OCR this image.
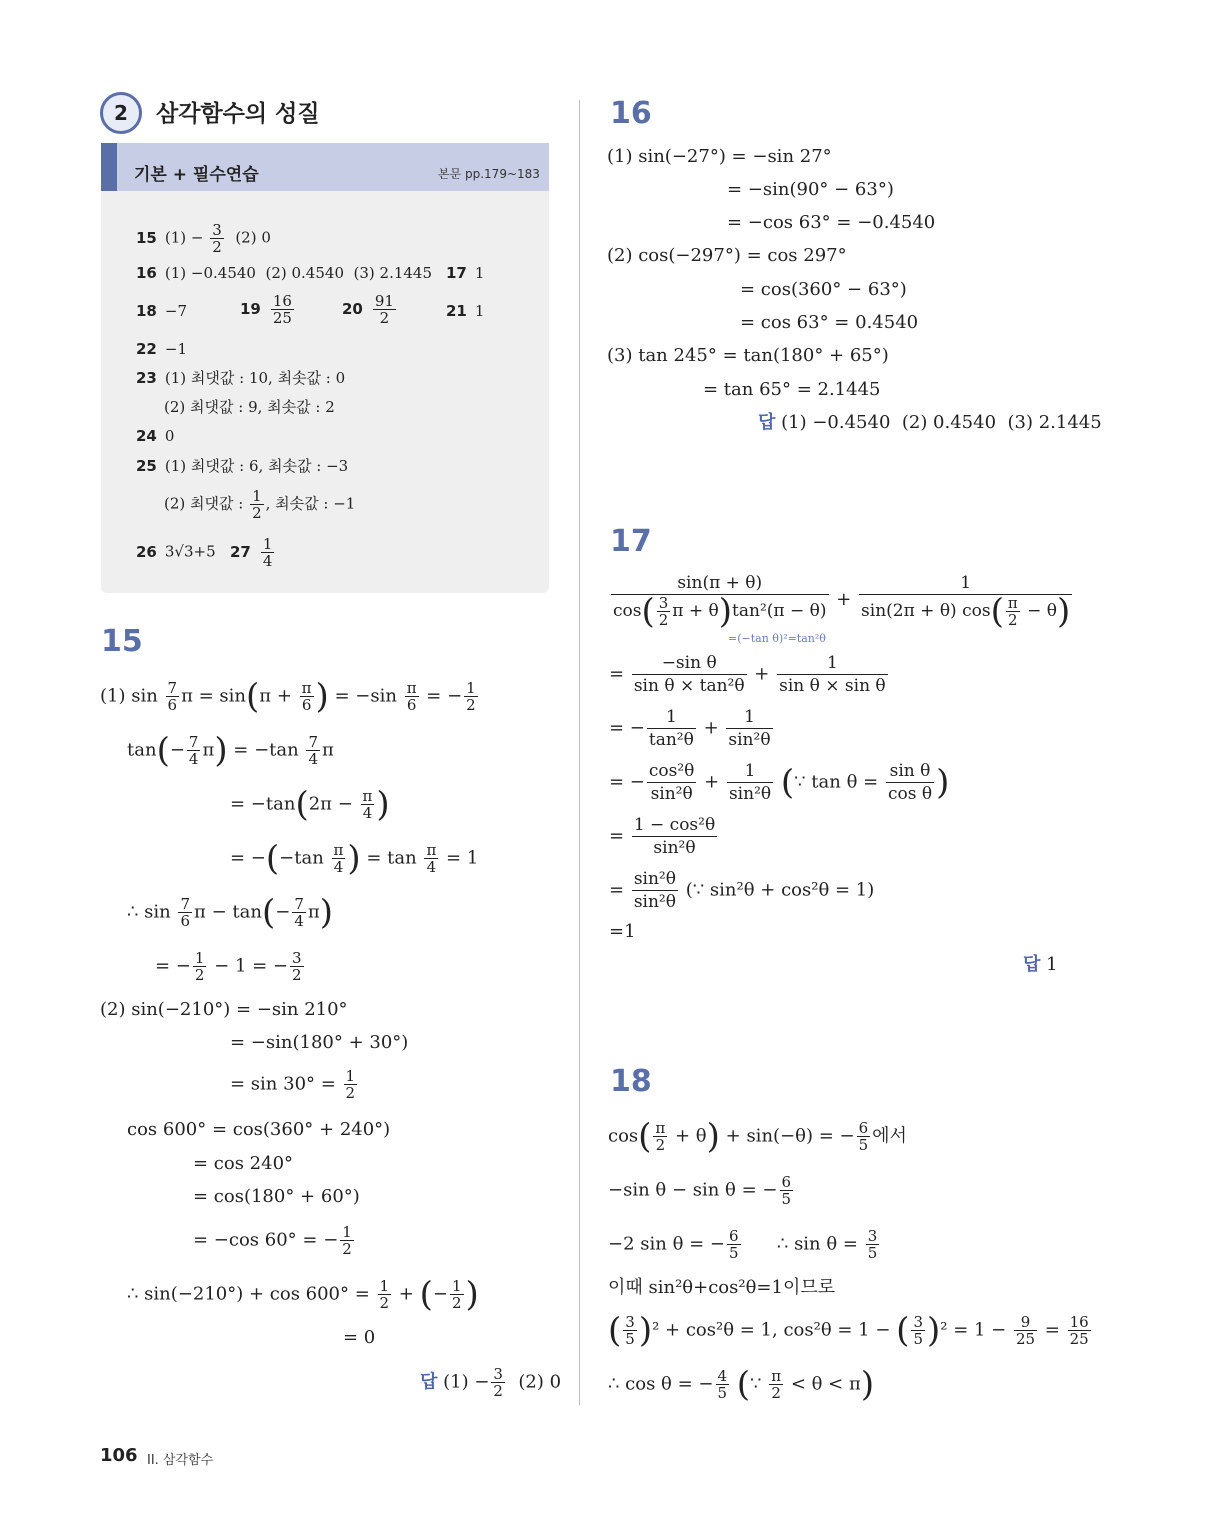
2	삼각함수의 성질
기본 + 필수연습	본문 pp.179~183
15 $(1) - \frac{3}{2} (2)$ 0
16 (1) −0.4540  (2) 0.4540  (3) 2.1445 17 1
18 −7	$19 \frac{16}{25}$	$20 \frac{91}{2}$	21 1
22 −1
23 (1) 최댓값 : 10, 최솟값 : 0
(2) 최댓값 : 9, 최솟값 : 2
24 0
25 (1) 최댓값 : 6, 최솟값 : −3
(2) 최댓값 : $\frac{1}{2}$ , 최솟값 : −1
26 3√3+5   $27 \frac{1}{4}$
15
(1) $\sin \frac{7}{6}$ $\pi = \sin(\pi + \frac{\pi}{6}$ ) = $-\sin \frac{\pi}{6}$ = − $\frac{1}{2}$
$\tan(- \frac{7}{4} \pi) = -\tan \frac{7}{4}$ π
= $-\tan(2\pi - \frac{\pi}{4}$ )
= $-(-\tan \frac{\pi}{4}$ ) = $\tan \frac{\pi}{4} = 1$
∴ $\sin \frac{7}{6}$ $\pi - \tan(- \frac{7}{4} \pi)$
= − $\frac{1}{2} - 1$ = − $\frac{3}{2}$
(2) sin(−210°) = −sin 210°
= −sin(180° + 30°)
= $\sin 30^\circ = \frac{1}{2}$
cos 600° = cos(360° + 240°)
= cos 240°
= cos(180° + 60°)
= −cos 60° = − $\frac{1}{2}$
∴ $\sin(-210^\circ) + \cos 600^\circ = \frac{1}{2}$ + (− $\frac{1}{2}$ )
= 0
답 $(1) - \frac{3}{2} (2)$ 0
16
(1) sin(−27°) = −sin 27°
= −sin(90° − 63°)
= −cos 63° = −0.4540
(2) cos(−297°) = cos 297°
= cos(360° − 63°)
= cos 63° = 0.4540
(3) tan 245° = tan(180° + 65°)
= tan 65° = 2.1445
답 (1) −0.4540  (2) 0.4540  (3) 2.1445
17
$\frac{\sin(\pi + \theta)}{\cos( \frac{3}{2} \pi + \theta)\tan^2(\pi - \theta)} + \frac{1}{\sin(2\pi + \theta) \cos( \frac{\pi}{2} - \theta)}$
=(−tan θ)²=tan²θ
= $\frac{\text{−sin θ}}{\text{sin θ × tan²θ}} + \frac{1}{\text{sin θ × sin θ}}$
= − $\frac{1}{\text{tan²θ}} + \frac{1}{\text{sin²θ}}$
= − $\frac{\text{cos²θ}}{\text{sin²θ}} + \frac{1}{\text{sin²θ}}$ (∵ $\tan \theta = \frac{\text{sin θ}}{\text{cos θ}}$ )
= $\frac{\text{1 − cos²θ}}{\text{sin²θ}}$
= $\frac{\text{sin²θ}}{\text{sin²θ}}$ (∵ sin²θ + cos²θ = 1)
=1
답 1
18
$\cos( \frac{\pi}{2} + \theta) + \sin(-\theta)$ = − $\frac{6}{5}$ 에서
−sin θ − sin θ = − $\frac{6}{5}$
−2 sin θ = − $\frac{6}{5}$ ∴ $\sin \theta = \frac{3}{5}$
이때 sin²θ+cos²θ=1이므로
( $\frac{3}{5} )^2 + \cos^2\theta = 1$, cos²θ = 1 − ( $\frac{3}{5} )^2 = 1 - \frac{9}{25} = \frac{16}{25}$
∴ cos θ = − $\frac{4}{5}$ (∵ $\frac{\pi}{2} < \theta < \pi$)
106 II. 삼각함수
